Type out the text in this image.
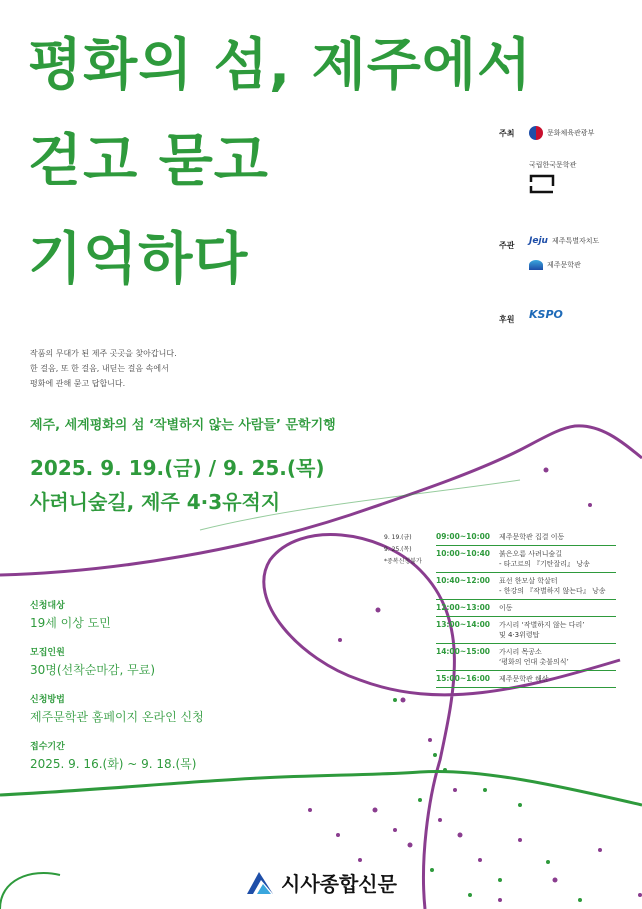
평화의 섬, 제주에서
걷고 묻고
기억하다
주최	문화체육관광부
국립한국문학관
주관 Jeju 제주특별자치도
제주문학관
후원 KSPO
작품의 무대가 된 제주 곳곳을 찾아갑니다.
한 걸음, 또 한 걸음, 내딛는 걸음 속에서
평화에 관해 묻고 답합니다.
제주, 세계평화의 섬 ‘작별하지 않는 사람들’ 문학기행
2025. 9. 19.(금) / 9. 25.(목)
사려니숲길, 제주 4·3유적지
신청대상
19세 이상 도민
모집인원
30명(선착순마감, 무료)
신청방법
제주문학관 홈페이지 온라인 신청
접수기간
2025. 9. 16.(화) ~ 9. 18.(목)
9. 19.(금)
9. 25.(목)
*중복신청불가
09:00~10:00	제주문학관 집결 이동
10:00~10:40	붉은오름 사려니숲길
- 타고르의 『기탄잘리』 낭송
10:40~12:00	표선 한모살 학살터
- 한강의 『작별하지 않는다』 낭송
12:00~13:00	이동
13:00~14:00	가시리 ‘작별하지 않는 다리’
및 4·3위령탑
14:00~15:00	가시리 목공소
‘평화의 언대 촛불의식’
15:00~16:00	제주문학관 해산
시사종합신문
